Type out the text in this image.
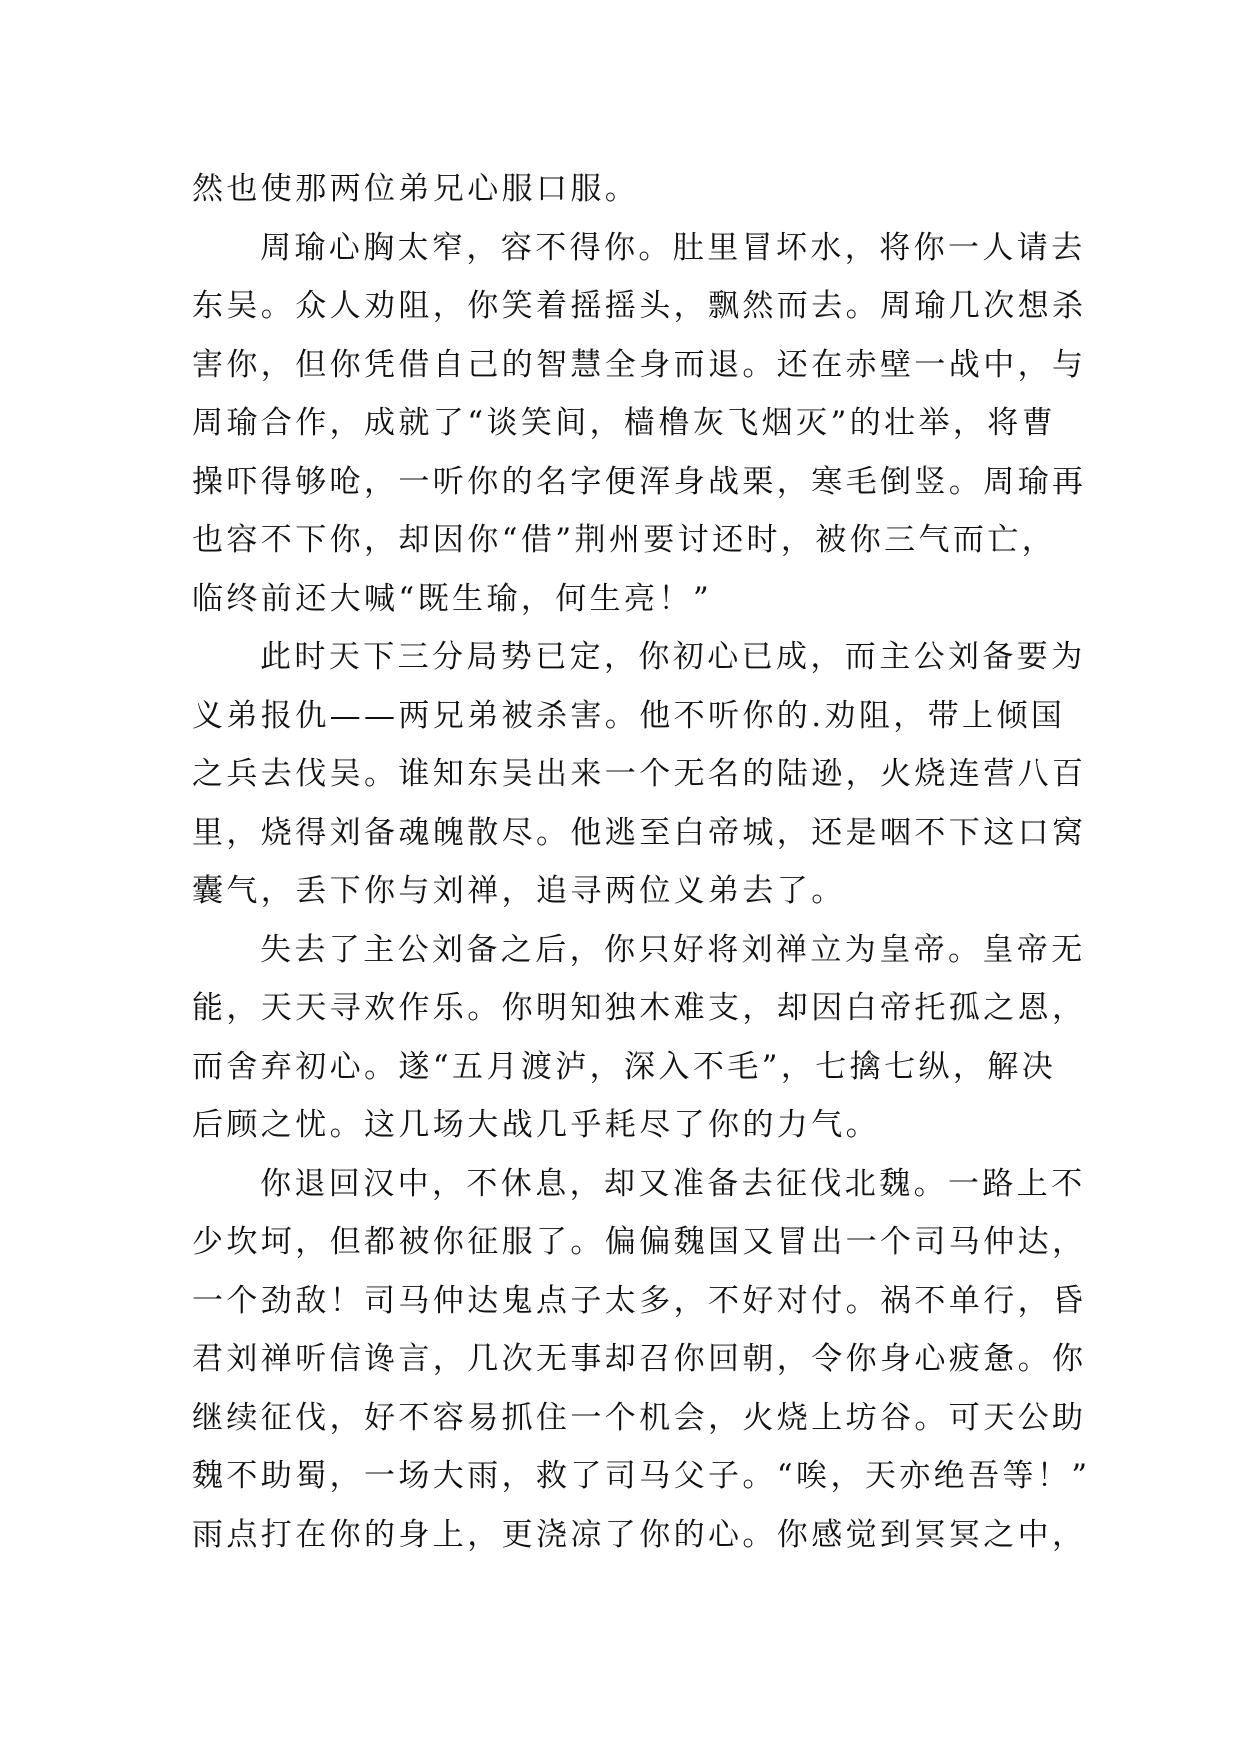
然也使那两位弟兄心服口服。
周瑜心胸太窄，容不得你。肚里冒坏水，将你一人请去
东吴。众人劝阻，你笑着摇摇头，飘然而去。周瑜几次想杀
害你，但你凭借自己的智慧全身而退。还在赤壁一战中，与
周瑜合作，成就了“谈笑间，樯橹灰飞烟灭”的壮举，将曹
操吓得够呛，一听你的名字便浑身战栗，寒毛倒竖。周瑜再
也容不下你，却因你“借”荆州要讨还时，被你三气而亡，
临终前还大喊“既生瑜，何生亮！”
此时天下三分局势已定，你初心已成，而主公刘备要为
义弟报仇——两兄弟被杀害。他不听你的.劝阻，带上倾国
之兵去伐吴。谁知东吴出来一个无名的陆逊，火烧连营八百
里，烧得刘备魂魄散尽。他逃至白帝城，还是咽不下这口窝
囊气，丢下你与刘禅，追寻两位义弟去了。
失去了主公刘备之后，你只好将刘禅立为皇帝。皇帝无
能，天天寻欢作乐。你明知独木难支，却因白帝托孤之恩，
而舍弃初心。遂“五月渡泸，深入不毛”，七擒七纵，解决
后顾之忧。这几场大战几乎耗尽了你的力气。
你退回汉中，不休息，却又准备去征伐北魏。一路上不
少坎坷，但都被你征服了。偏偏魏国又冒出一个司马仲达，
一个劲敌！司马仲达鬼点子太多，不好对付。祸不单行，昏
君刘禅听信谗言，几次无事却召你回朝，令你身心疲惫。你
继续征伐，好不容易抓住一个机会，火烧上坊谷。可天公助
魏不助蜀，一场大雨，救了司马父子。“唉，天亦绝吾等！”
雨点打在你的身上，更浇凉了你的心。你感觉到冥冥之中，
